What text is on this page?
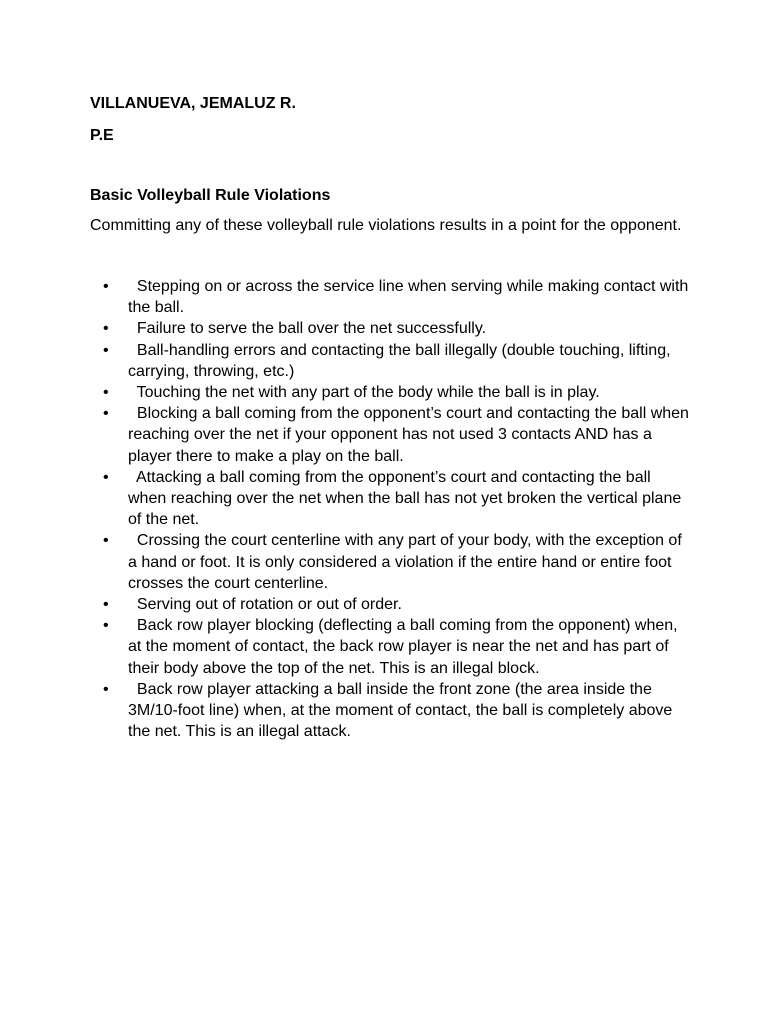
VILLANUEVA, JEMALUZ R.
P.E
Basic Volleyball Rule Violations
Committing any of these volleyball rule violations results in a point for the opponent.
• Stepping on or across the service line when serving while making contact with the ball.
• Failure to serve the ball over the net successfully.
• Ball-handling errors and contacting the ball illegally (double touching, lifting, carrying, throwing, etc.)
• Touching the net with any part of the body while the ball is in play.
• Blocking a ball coming from the opponent’s court and contacting the ball when reaching over the net if your opponent has not used 3 contacts AND has a player there to make a play on the ball.
• Attacking a ball coming from the opponent’s court and contacting the ball when reaching over the net when the ball has not yet broken the vertical plane of the net.
• Crossing the court centerline with any part of your body, with the exception of a hand or foot. It is only considered a violation if the entire hand or entire foot crosses the court centerline.
• Serving out of rotation or out of order.
• Back row player blocking (deflecting a ball coming from the opponent) when, at the moment of contact, the back row player is near the net and has part of their body above the top of the net. This is an illegal block.
• Back row player attacking a ball inside the front zone (the area inside the 3M/10-foot line) when, at the moment of contact, the ball is completely above the net. This is an illegal attack.
